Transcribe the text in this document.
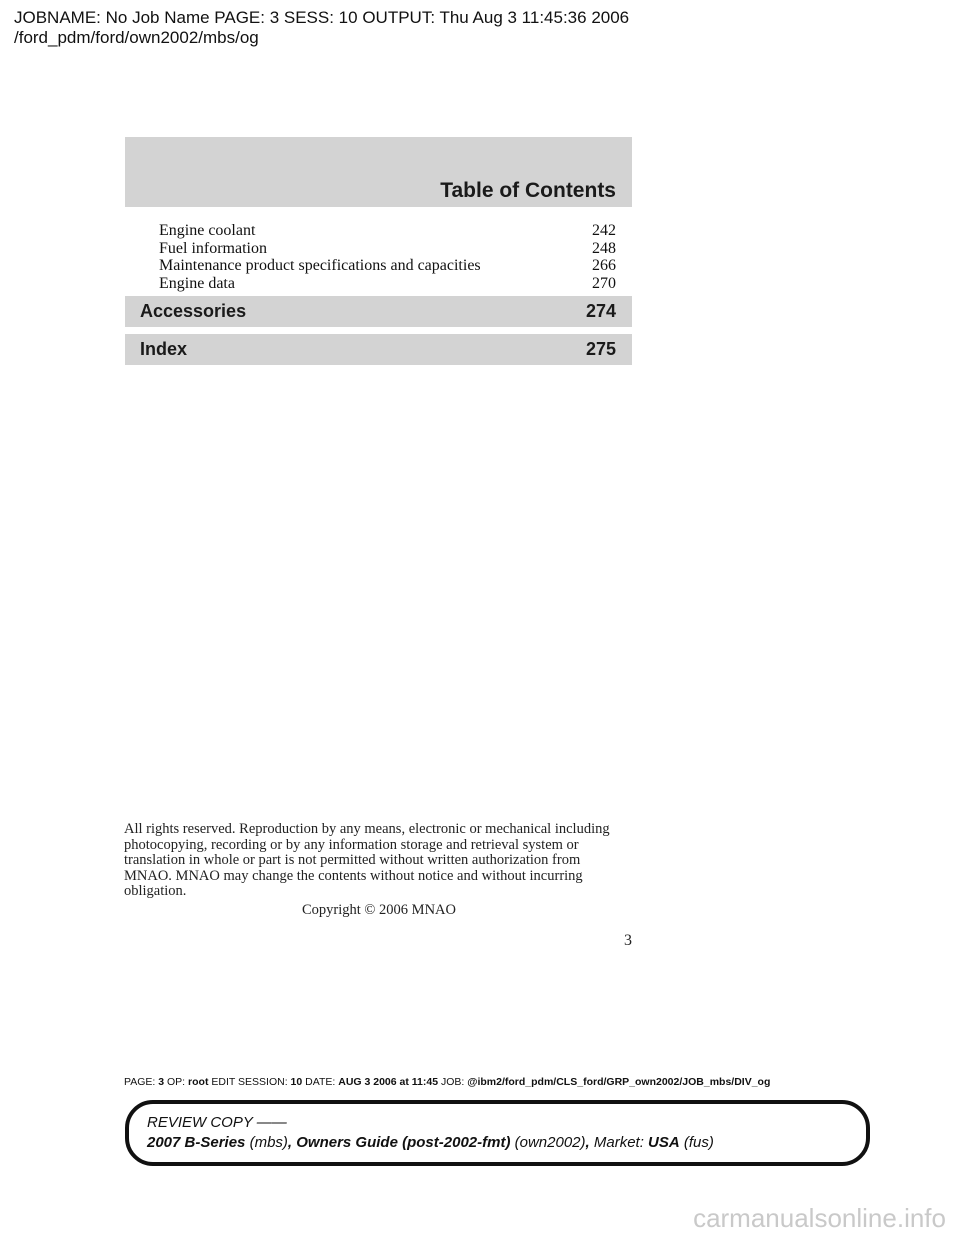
JOBNAME: No Job Name PAGE: 3 SESS: 10 OUTPUT: Thu Aug 3 11:45:36 2006
/ford_pdm/ford/own2002/mbs/og
Table of Contents
Engine coolant	242
Fuel information	248
Maintenance product specifications and capacities	266
Engine data	270
Accessories	274
Index	275
All rights reserved. Reproduction by any means, electronic or mechanical including photocopying, recording or by any information storage and retrieval system or translation in whole or part is not permitted without written authorization from MNAO. MNAO may change the contents without notice and without incurring obligation.
Copyright © 2006 MNAO
3
PAGE: 3 OP: root EDIT SESSION: 10 DATE: AUG 3 2006 at 11:45 JOB: @ibm2/ford_pdm/CLS_ford/GRP_own2002/JOB_mbs/DIV_og
REVIEW COPY ——
2007 B-Series (mbs), Owners Guide (post-2002-fmt) (own2002), Market: USA (fus)
carmanualsonline.info
